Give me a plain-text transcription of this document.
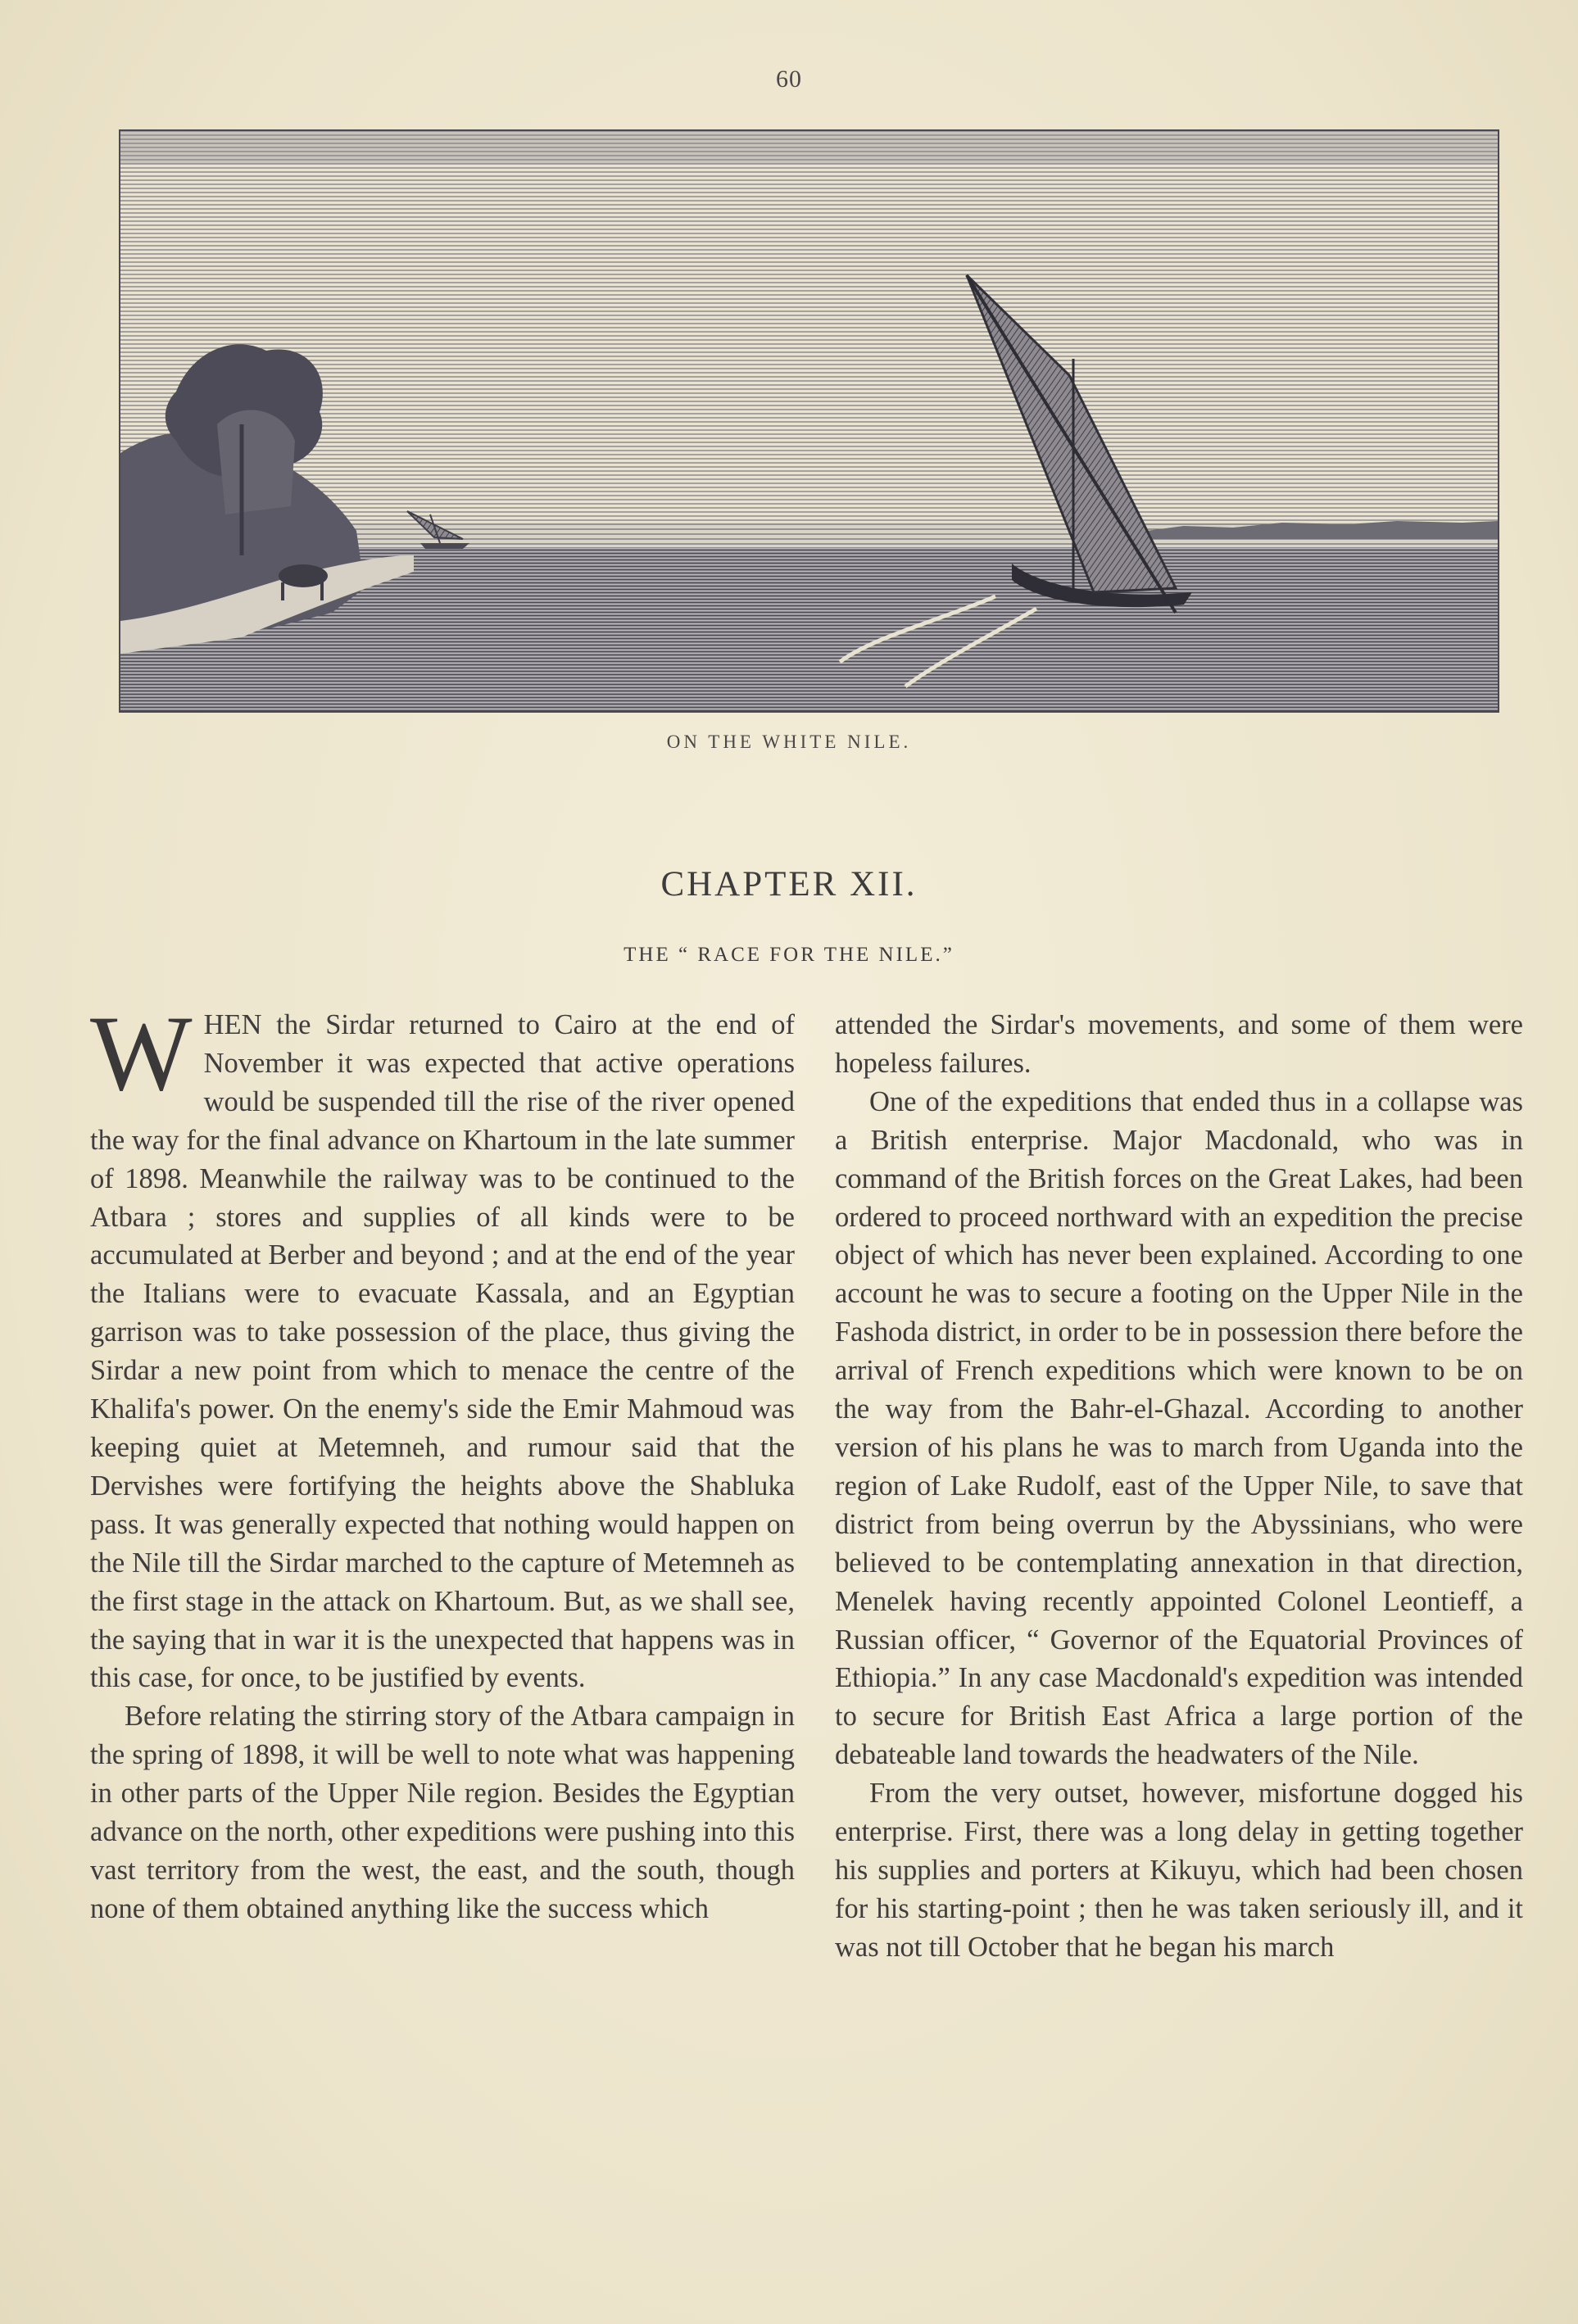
60
ON THE WHITE NILE.
CHAPTER XII.
THE “ RACE FOR THE NILE.”

WHEN the Sirdar returned to Cairo at the end of November it was expected that active operations would be suspended till the rise of the river opened the way for the final advance on Khartoum in the late summer of 1898. Meanwhile the railway was to be continued to the Atbara ; stores and supplies of all kinds were to be accumulated at Berber and beyond ; and at the end of the year the Italians were to evacuate Kassala, and an Egyptian garrison was to take possession of the place, thus giving the Sirdar a new point from which to menace the centre of the Khalifa's power. On the enemy's side the Emir Mahmoud was keeping quiet at Metemneh, and rumour said that the Dervishes were fortifying the heights above the Shabluka pass. It was generally expected that nothing would happen on the Nile till the Sirdar marched to the capture of Metemneh as the first stage in the attack on Khartoum. But, as we shall see, the saying that in war it is the unexpected that happens was in this case, for once, to be justified by events.

Before relating the stirring story of the Atbara campaign in the spring of 1898, it will be well to note what was happening in other parts of the Upper Nile region. Besides the Egyptian advance on the north, other expeditions were pushing into this vast territory from the west, the east, and the south, though none of them obtained anything like the success which

attended the Sirdar's movements, and some of them were hopeless failures.

One of the expeditions that ended thus in a collapse was a British enterprise. Major Macdonald, who was in command of the British forces on the Great Lakes, had been ordered to proceed northward with an expedition the precise object of which has never been explained. According to one account he was to secure a footing on the Upper Nile in the Fashoda district, in order to be in possession there before the arrival of French expeditions which were known to be on the way from the Bahr-el-Ghazal. According to another version of his plans he was to march from Uganda into the region of Lake Rudolf, east of the Upper Nile, to save that district from being overrun by the Abyssinians, who were believed to be contemplating annexation in that direction, Menelek having recently appointed Colonel Leontieff, a Russian officer, “ Governor of the Equatorial Provinces of Ethiopia.” In any case Macdonald's expedition was intended to secure for British East Africa a large portion of the debateable land towards the headwaters of the Nile.

From the very outset, however, misfortune dogged his enterprise. First, there was a long delay in getting together his supplies and porters at Kikuyu, which had been chosen for his starting-point ; then he was taken seriously ill, and it was not till October that he began his march
